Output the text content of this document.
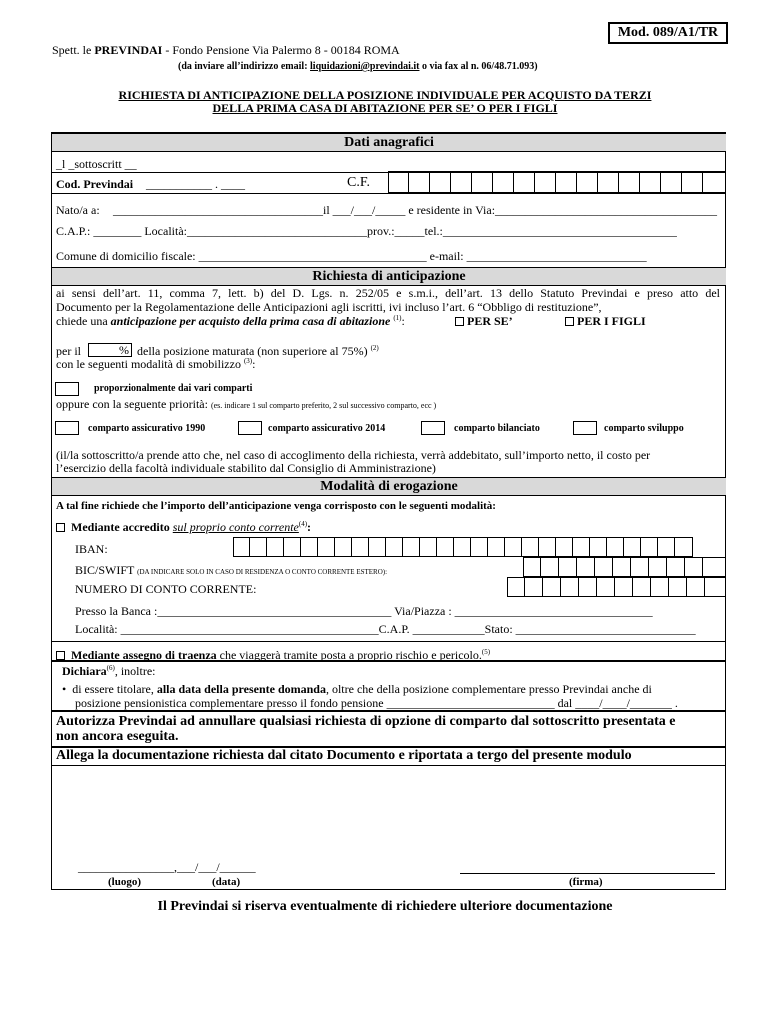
Mod. 089/A1/TR
Spett. le PREVINDAI - Fondo Pensione Via Palermo 8 - 00184 ROMA
(da inviare all’indirizzo email: liquidazioni@previndai.it o via fax al n. 06/48.71.093)
RICHIESTA DI ANTICIPAZIONE DELLA POSIZIONE INDIVIDUALE PER ACQUISTO DA TERZI
DELLA PRIMA CASA DI ABITAZIONE PER SE’ O PER I FIGLI
Dati anagrafici
_l _sottoscritt __
Cod. Previndai ___________ . ____	C.F.
Nato/a a: ___________________________________il ___/___/_____ e residente in Via:_____________________________________
C.A.P.: ________ Località:______________________________prov.:_____tel.:_______________________________________
Comune di domicilio fiscale: ______________________________________ e-mail: ______________________________
Richiesta di anticipazione
ai sensi dell’art. 11, comma 7, lett. b) del D. Lgs. n. 252/05 e s.m.i., dell’art. 13 dello Statuto Previndai e preso atto del
Documento per la Regolamentazione delle Anticipazioni agli iscritti, ivi incluso l’art. 6 “Obbligo di restituzione”,
chiede una anticipazione per acquisto della prima casa di abitazione $^{(1)}$:	PER SE’	PER I FIGLI
per il	% della posizione maturata (non superiore al 75%) $^{(2)}$
con le seguenti modalità di smobilizzo $^{(3)}$:
proporzionalmente dai vari comparti
oppure con la seguente priorità: (es. indicare 1 sul comparto preferito, 2 sul successivo comparto, ecc )
comparto assicurativo 1990	comparto assicurativo 2014	comparto bilanciato	comparto sviluppo
(il/la sottoscritto/a prende atto che, nel caso di accoglimento della richiesta, verrà addebitato, sull’importo netto, il costo per
l’esercizio della facoltà individuale stabilito dal Consiglio di Amministrazione)
Modalità di erogazione
A tal fine richiede che l’importo dell’anticipazione venga corrisposto con le seguenti modalità:
Mediante accredito sul proprio conto corrente$^{(4)}$:
IBAN:
BIC/SWIFT (DA INDICARE SOLO IN CASO DI RESIDENZA O CONTO CORRENTE ESTERO):
NUMERO DI CONTO CORRENTE:
Presso la Banca :_______________________________________ Via/Piazza : _________________________________
Località: ___________________________________________C.A.P. ____________Stato: ______________________________
Mediante assegno di traenza che viaggerà tramite posta a proprio rischio e pericolo.$^{(5)}$
Dichiara$^{(6)}$, inoltre:
• di essere titolare, alla data della presente domanda, oltre che della posizione complementare presso Previndai anche di
posizione pensionistica complementare presso il fondo pensione ____________________________ dal ____/____/_______ .
Autorizza Previndai ad annullare qualsiasi richiesta di opzione di comparto dal sottoscritto presentata e
non ancora eseguita.
Allega la documentazione richiesta dal citato Documento e riportata a tergo del presente modulo
________________,___/___/______
(luogo)	(data)	(firma)
Il Previndai si riserva eventualmente di richiedere ulteriore documentazione
